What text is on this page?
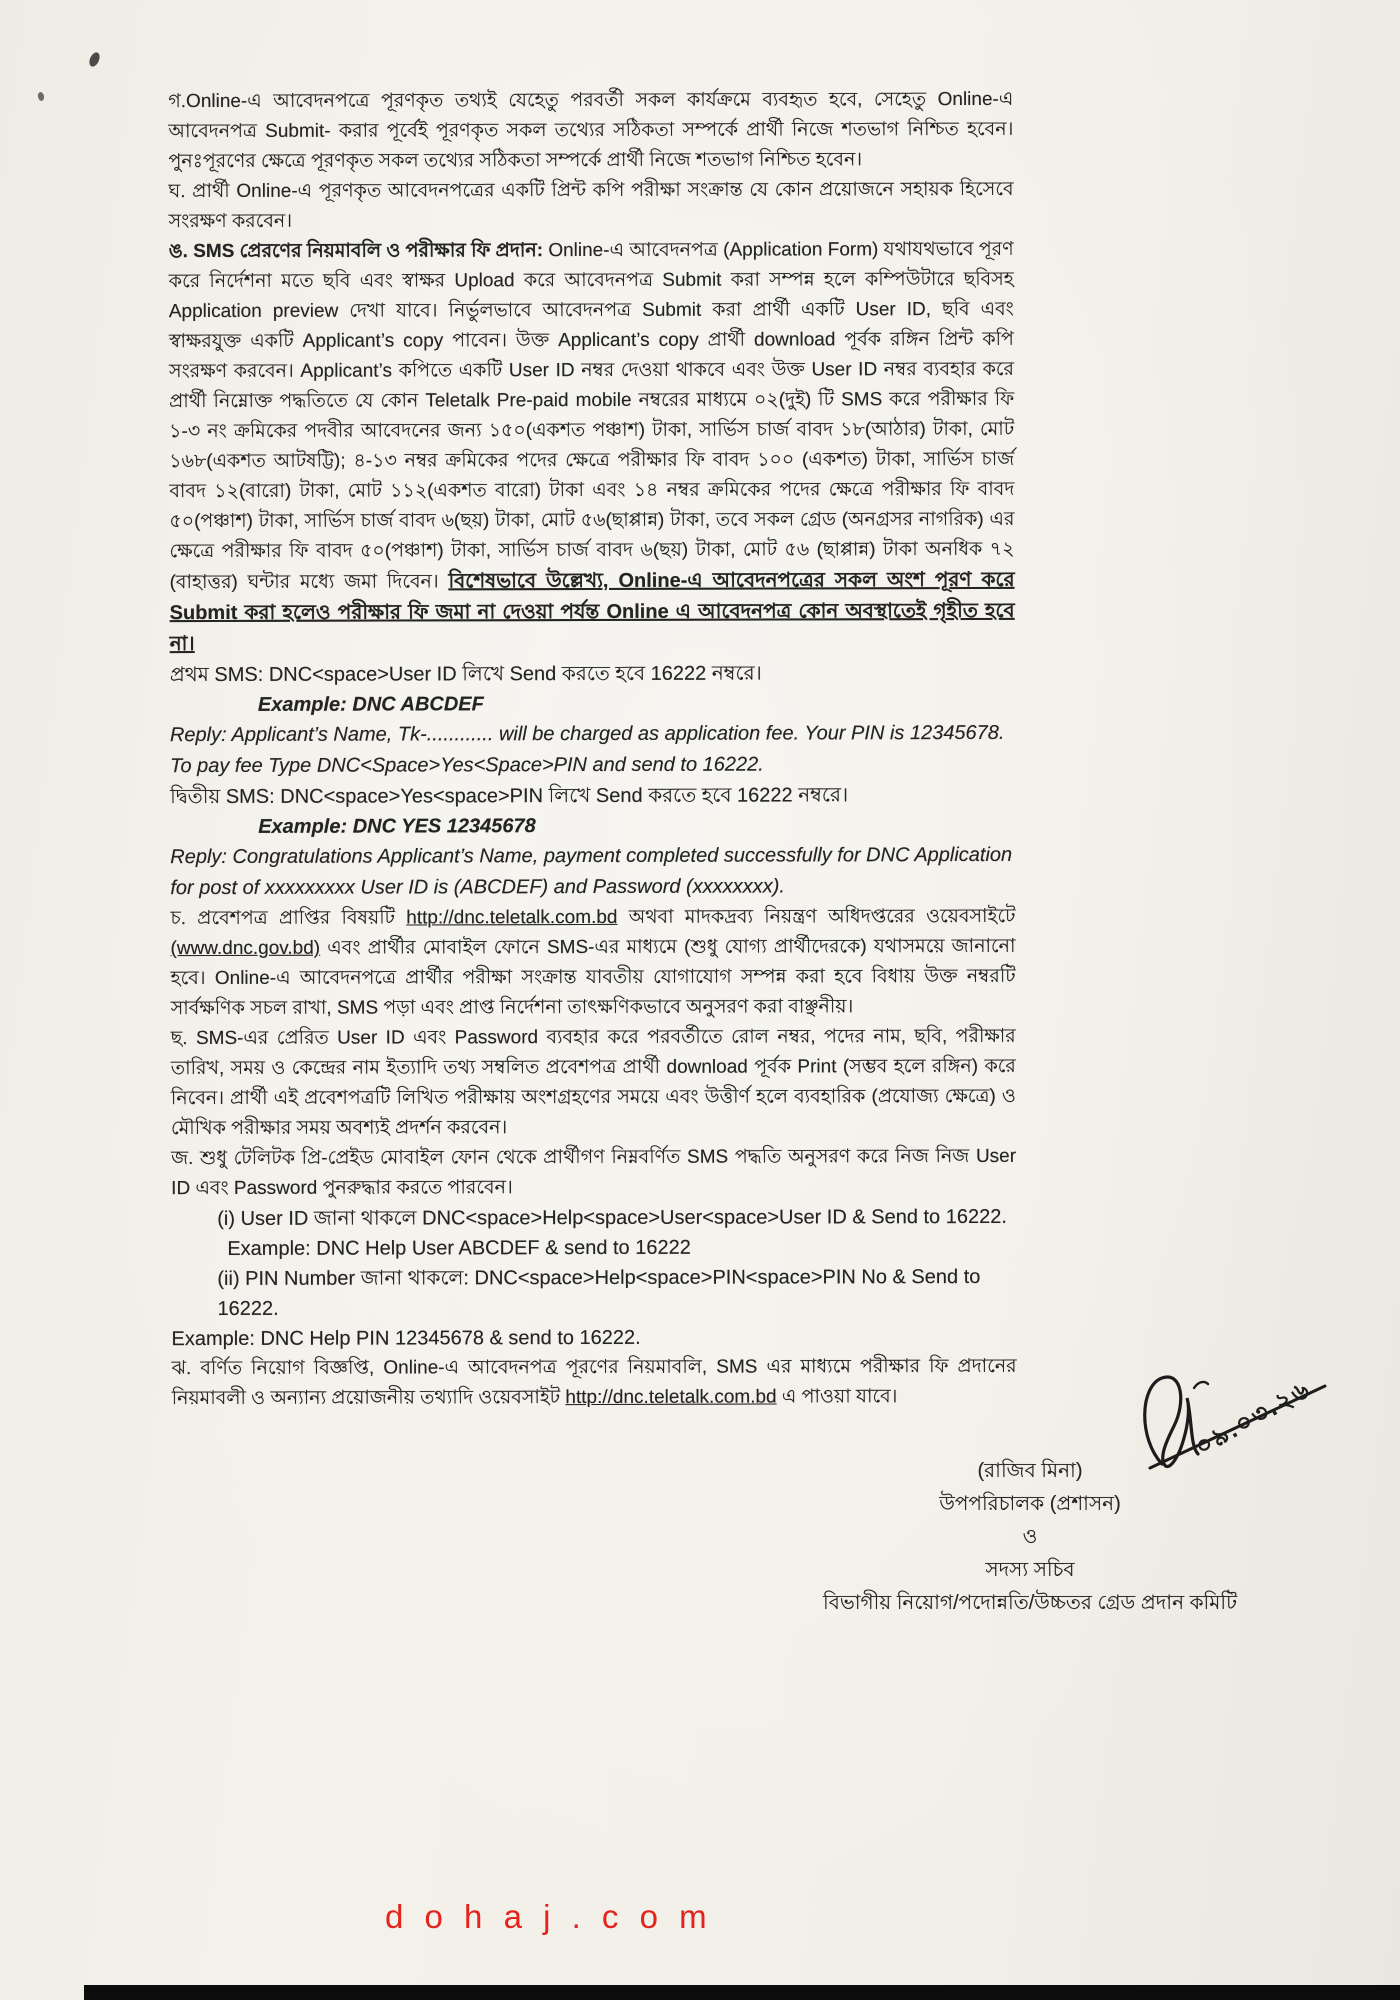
গ.Online-এ আবেদনপত্রে পূরণকৃত তথ্যই যেহেতু পরবর্তী সকল কার্যক্রমে ব্যবহৃত হবে, সেহেতু Online-এ আবেদনপত্র Submit- করার পূর্বেই পূরণকৃত সকল তথ্যের সঠিকতা সম্পর্কে প্রার্থী নিজে শতভাগ নিশ্চিত হবেন। পুনঃপূরণের ক্ষেত্রে পূরণকৃত সকল তথ্যের সঠিকতা সম্পর্কে প্রার্থী নিজে শতভাগ নিশ্চিত হবেন।

ঘ. প্রার্থী Online-এ পূরণকৃত আবেদনপত্রের একটি প্রিন্ট কপি পরীক্ষা সংক্রান্ত যে কোন প্রয়োজনে সহায়ক হিসেবে সংরক্ষণ করবেন।

ঙ. SMS প্রেরণের নিয়মাবলি ও পরীক্ষার ফি প্রদান: Online-এ আবেদনপত্র (Application Form) যথাযথভাবে পূরণ করে নির্দেশনা মতে ছবি এবং স্বাক্ষর Upload করে আবেদনপত্র Submit করা সম্পন্ন হলে কম্পিউটারে ছবিসহ Application preview দেখা যাবে। নির্ভুলভাবে আবেদনপত্র Submit করা প্রার্থী একটি User ID, ছবি এবং স্বাক্ষরযুক্ত একটি Applicant’s copy পাবেন। উক্ত Applicant’s copy প্রার্থী download পূর্বক রঙ্গিন প্রিন্ট কপি সংরক্ষণ করবেন। Applicant’s কপিতে একটি User ID নম্বর দেওয়া থাকবে এবং উক্ত User ID নম্বর ব্যবহার করে প্রার্থী নিম্নোক্ত পদ্ধতিতে যে কোন Teletalk Pre-paid mobile নম্বরের মাধ্যমে ০২(দুই) টি SMS করে পরীক্ষার ফি ১-৩ নং ক্রমিকের পদবীর আবেদনের জন্য ১৫০(একশত পঞ্চাশ) টাকা, সার্ভিস চার্জ বাবদ ১৮(আঠার) টাকা, মোট ১৬৮(একশত আটষট্টি); ৪-১৩ নম্বর ক্রমিকের পদের ক্ষেত্রে পরীক্ষার ফি বাবদ ১০০ (একশত) টাকা, সার্ভিস চার্জ বাবদ ১২(বারো) টাকা, মোট ১১২(একশত বারো) টাকা এবং ১৪ নম্বর ক্রমিকের পদের ক্ষেত্রে পরীক্ষার ফি বাবদ ৫০(পঞ্চাশ) টাকা, সার্ভিস চার্জ বাবদ ৬(ছয়) টাকা, মোট ৫৬(ছাপ্পান্ন) টাকা, তবে সকল গ্রেড (অনগ্রসর নাগরিক) এর ক্ষেত্রে পরীক্ষার ফি বাবদ ৫০(পঞ্চাশ) টাকা, সার্ভিস চার্জ বাবদ ৬(ছয়) টাকা, মোট ৫৬ (ছাপ্পান্ন) টাকা অনধিক ৭২ (বাহাত্তর) ঘন্টার মধ্যে জমা দিবেন। বিশেষভাবে উল্লেখ্য, Online-এ আবেদনপত্রের সকল অংশ পূরণ করে Submit করা হলেও পরীক্ষার ফি জমা না দেওয়া পর্যন্ত Online এ আবেদনপত্র কোন অবস্থাতেই গৃহীত হবে না।

প্রথম SMS: DNC<space>User ID লিখে Send করতে হবে 16222 নম্বরে।

Example: DNC ABCDEF

Reply: Applicant’s Name, Tk-............ will be charged as application fee. Your PIN is 12345678. To pay fee Type DNC<Space>Yes<Space>PIN and send to 16222.

দ্বিতীয় SMS: DNC<space>Yes<space>PIN লিখে Send করতে হবে 16222 নম্বরে।

Example: DNC YES 12345678

Reply: Congratulations Applicant’s Name, payment completed successfully for DNC Application for post of xxxxxxxxx User ID is (ABCDEF) and Password (xxxxxxxx).

চ. প্রবেশপত্র প্রাপ্তির বিষয়টি http://dnc.teletalk.com.bd অথবা মাদকদ্রব্য নিয়ন্ত্রণ অধিদপ্তরের ওয়েবসাইটে (www.dnc.gov.bd) এবং প্রার্থীর মোবাইল ফোনে SMS-এর মাধ্যমে (শুধু যোগ্য প্রার্থীদেরকে) যথাসময়ে জানানো হবে। Online-এ আবেদনপত্রে প্রার্থীর পরীক্ষা সংক্রান্ত যাবতীয় যোগাযোগ সম্পন্ন করা হবে বিধায় উক্ত নম্বরটি সার্বক্ষণিক সচল রাখা, SMS পড়া এবং প্রাপ্ত নির্দেশনা তাৎক্ষণিকভাবে অনুসরণ করা বাঞ্ছনীয়।

ছ. SMS-এর প্রেরিত User ID এবং Password ব্যবহার করে পরবর্তীতে রোল নম্বর, পদের নাম, ছবি, পরীক্ষার তারিখ, সময় ও কেন্দ্রের নাম ইত্যাদি তথ্য সম্বলিত প্রবেশপত্র প্রার্থী download পূর্বক Print (সম্ভব হলে রঙ্গিন) করে নিবেন। প্রার্থী এই প্রবেশপত্রটি লিখিত পরীক্ষায় অংশগ্রহণের সময়ে এবং উত্তীর্ণ হলে ব্যবহারিক (প্রযোজ্য ক্ষেত্রে) ও মৌখিক পরীক্ষার সময় অবশ্যই প্রদর্শন করবেন।

জ. শুধু টেলিটক প্রি-প্রেইড মোবাইল ফোন থেকে প্রার্থীগণ নিম্নবর্ণিত SMS পদ্ধতি অনুসরণ করে নিজ নিজ User ID এবং Password পুনরুদ্ধার করতে পারবেন।

(i) User ID জানা থাকলে DNC<space>Help<space>User<space>User ID & Send to 16222.

Example: DNC Help User ABCDEF & send to 16222

(ii) PIN Number জানা থাকলে: DNC<space>Help<space>PIN<space>PIN No & Send to 16222.

Example: DNC Help PIN 12345678 & send to 16222.

ঝ. বর্ণিত নিয়োগ বিজ্ঞপ্তি, Online-এ আবেদনপত্র পূরণের নিয়মাবলি, SMS এর মাধ্যমে পরীক্ষার ফি প্রদানের নিয়মাবলী ও অন্যান্য প্রয়োজনীয় তথ্যাদি ওয়েবসাইট http://dnc.teletalk.com.bd এ পাওয়া যাবে।	০৯.০৩.২৬
(রাজিব মিনা)
উপপরিচালক (প্রশাসন)
ও
সদস্য সচিব
বিভাগীয় নিয়োগ/পদোন্নতি/উচ্চতর গ্রেড প্রদান কমিটি
d o h a j . c o m
